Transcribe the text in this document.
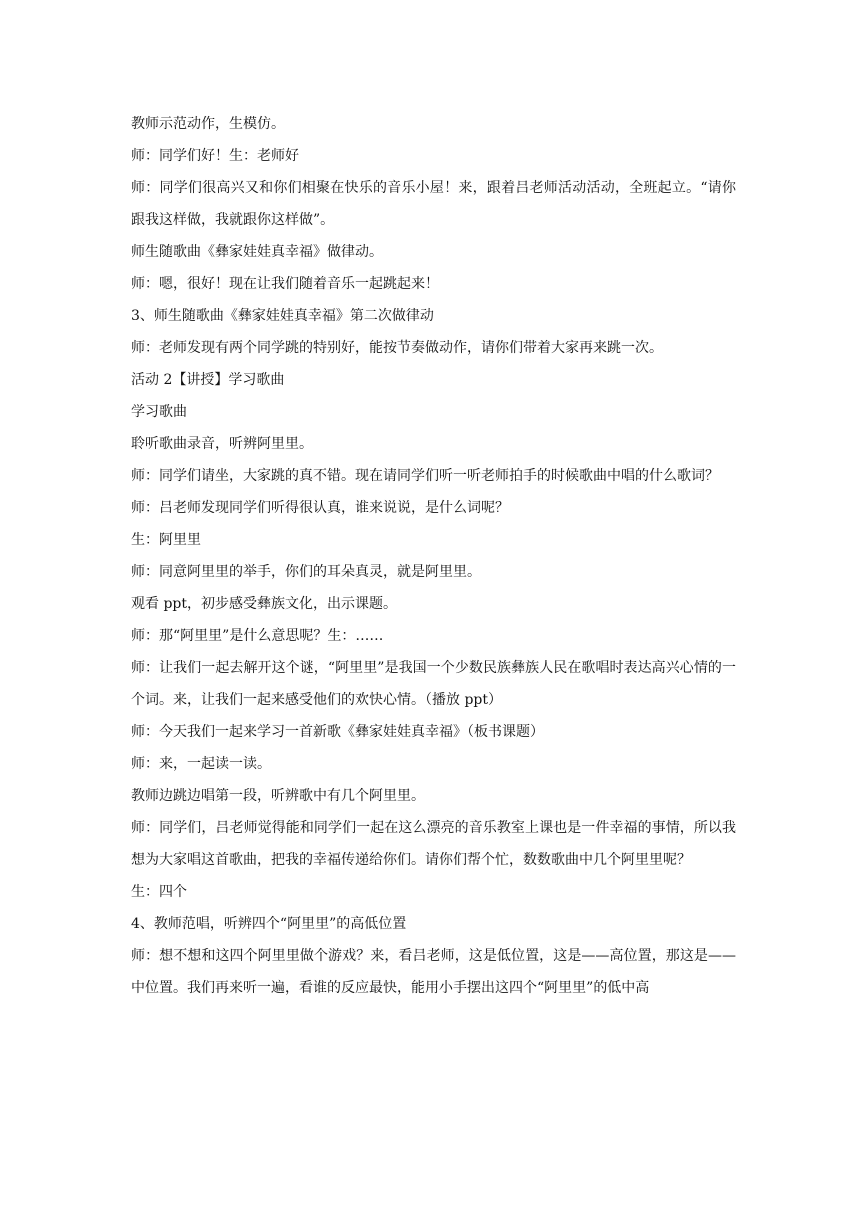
教师示范动作，生模仿。

师：同学们好！生：老师好

师：同学们很高兴又和你们相聚在快乐的音乐小屋！来，跟着吕老师活动活动，全班起立。“请你跟我这样做，我就跟你这样做”。

师生随歌曲《彝家娃娃真幸福》做律动。

师：嗯，很好！现在让我们随着音乐一起跳起来！

3、师生随歌曲《彝家娃娃真幸福》第二次做律动

师：老师发现有两个同学跳的特别好，能按节奏做动作，请你们带着大家再来跳一次。

活动 2【讲授】学习歌曲

学习歌曲

聆听歌曲录音，听辨阿里里。

师：同学们请坐，大家跳的真不错。现在请同学们听一听老师拍手的时候歌曲中唱的什么歌词？

师：吕老师发现同学们听得很认真，谁来说说，是什么词呢？

生：阿里里

师：同意阿里里的举手，你们的耳朵真灵，就是阿里里。

观看 ppt，初步感受彝族文化，出示课题。

师：那“阿里里”是什么意思呢？生：……

师：让我们一起去解开这个谜，“阿里里”是我国一个少数民族彝族人民在歌唱时表达高兴心情的一个词。来，让我们一起来感受他们的欢快心情。（播放 ppt）

师：今天我们一起来学习一首新歌《彝家娃娃真幸福》（板书课题）

师：来，一起读一读。

教师边跳边唱第一段，听辨歌中有几个阿里里。

师：同学们，吕老师觉得能和同学们一起在这么漂亮的音乐教室上课也是一件幸福的事情，所以我想为大家唱这首歌曲，把我的幸福传递给你们。请你们帮个忙，数数歌曲中几个阿里里呢？

生：四个

4、教师范唱，听辨四个“阿里里”的高低位置

师：想不想和这四个阿里里做个游戏？来，看吕老师，这是低位置，这是——高位置，那这是——中位置。我们再来听一遍，看谁的反应最快，能用小手摆出这四个“阿里里”的低中高
